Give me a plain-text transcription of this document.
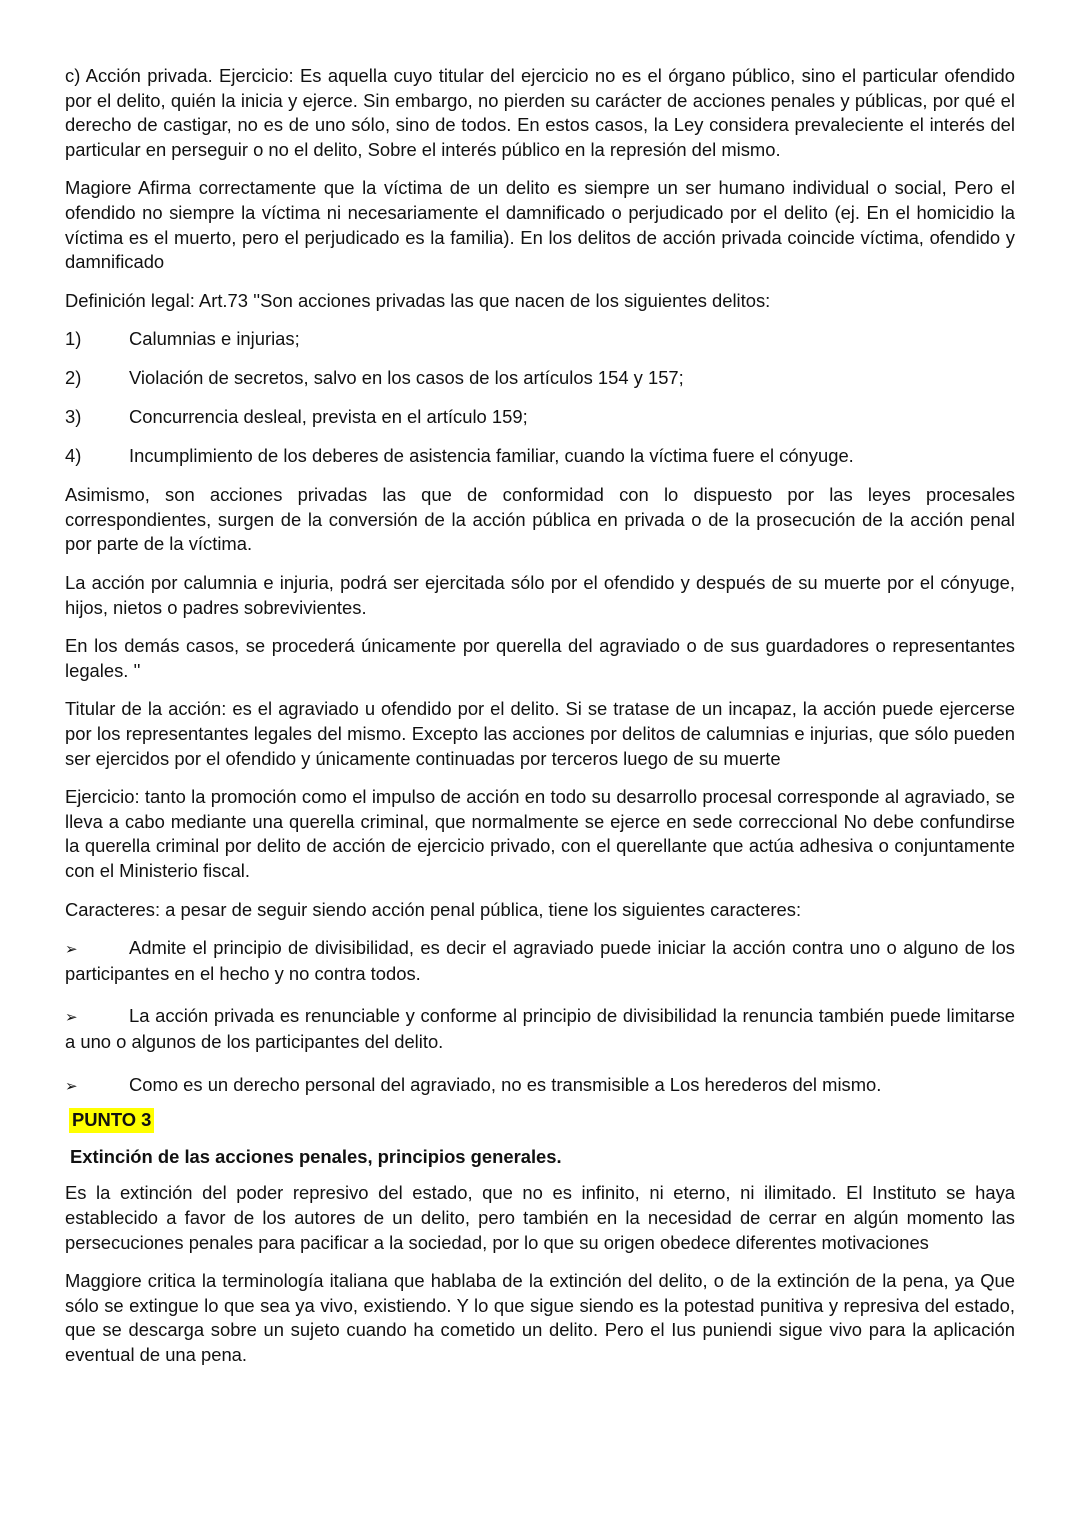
c) Acción privada. Ejercicio: Es aquella cuyo titular del ejercicio no es el órgano público, sino el particular ofendido por el delito, quién la inicia y ejerce. Sin embargo, no pierden su carácter de acciones penales y públicas, por qué el derecho de castigar, no es de uno sólo, sino de todos. En estos casos, la Ley considera prevaleciente el interés del particular en perseguir o no el delito, Sobre el interés público en la represión del mismo.

Magiore Afirma correctamente que la víctima de un delito es siempre un ser humano individual o social, Pero el ofendido no siempre la víctima ni necesariamente el damnificado o perjudicado por el delito (ej. En el homicidio la víctima es el muerto, pero el perjudicado es la familia). En los delitos de acción privada coincide víctima, ofendido y damnificado

Definición legal: Art.73 ''Son acciones privadas las que nacen de los siguientes delitos:

1)	Calumnias e injurias;
2)	Violación de secretos, salvo en los casos de los artículos 154 y 157;
3)	Concurrencia desleal, prevista en el artículo 159;
4)	Incumplimiento de los deberes de asistencia familiar, cuando la víctima fuere el cónyuge.

Asimismo, son acciones privadas las que de conformidad con lo dispuesto por las leyes procesales correspondientes, surgen de la conversión de la acción pública en privada o de la prosecución de la acción penal por parte de la víctima.

La acción por calumnia e injuria, podrá ser ejercitada sólo por el ofendido y después de su muerte por el cónyuge, hijos, nietos o padres sobrevivientes.

En los demás casos, se procederá únicamente por querella del agraviado o de sus guardadores o representantes legales. ''

Titular de la acción: es el agraviado u ofendido por el delito. Si se tratase de un incapaz, la acción puede ejercerse por los representantes legales del mismo. Excepto las acciones por delitos de calumnias e injurias, que sólo pueden ser ejercidos por el ofendido y únicamente continuadas por terceros luego de su muerte

Ejercicio: tanto la promoción como el impulso de acción en todo su desarrollo procesal corresponde al agraviado, se lleva a cabo mediante una querella criminal, que normalmente se ejerce en sede correccional No debe confundirse la querella criminal por delito de acción de ejercicio privado, con el querellante que actúa adhesiva o conjuntamente con el Ministerio fiscal.

Caracteres: a pesar de seguir siendo acción penal pública, tiene los siguientes caracteres:

➢	Admite el principio de divisibilidad, es decir el agraviado puede iniciar la acción contra uno o alguno de los participantes en el hecho y no contra todos.

➢	La acción privada es renunciable y conforme al principio de divisibilidad la renuncia también puede limitarse a uno o algunos de los participantes del delito.

➢	Como es un derecho personal del agraviado, no es transmisible a Los herederos del mismo.

PUNTO 3
Extinción de las acciones penales, principios generales.

Es la extinción del poder represivo del estado, que no es infinito, ni eterno, ni ilimitado. El Instituto se haya establecido a favor de los autores de un delito, pero también en la necesidad de cerrar en algún momento las persecuciones penales para pacificar a la sociedad, por lo que su origen obedece diferentes motivaciones

Maggiore critica la terminología italiana que hablaba de la extinción del delito, o de la extinción de la pena, ya Que sólo se extingue lo que sea ya vivo, existiendo. Y lo que sigue siendo es la potestad punitiva y represiva del estado, que se descarga sobre un sujeto cuando ha cometido un delito. Pero el Ius puniendi sigue vivo para la aplicación eventual de una pena.
